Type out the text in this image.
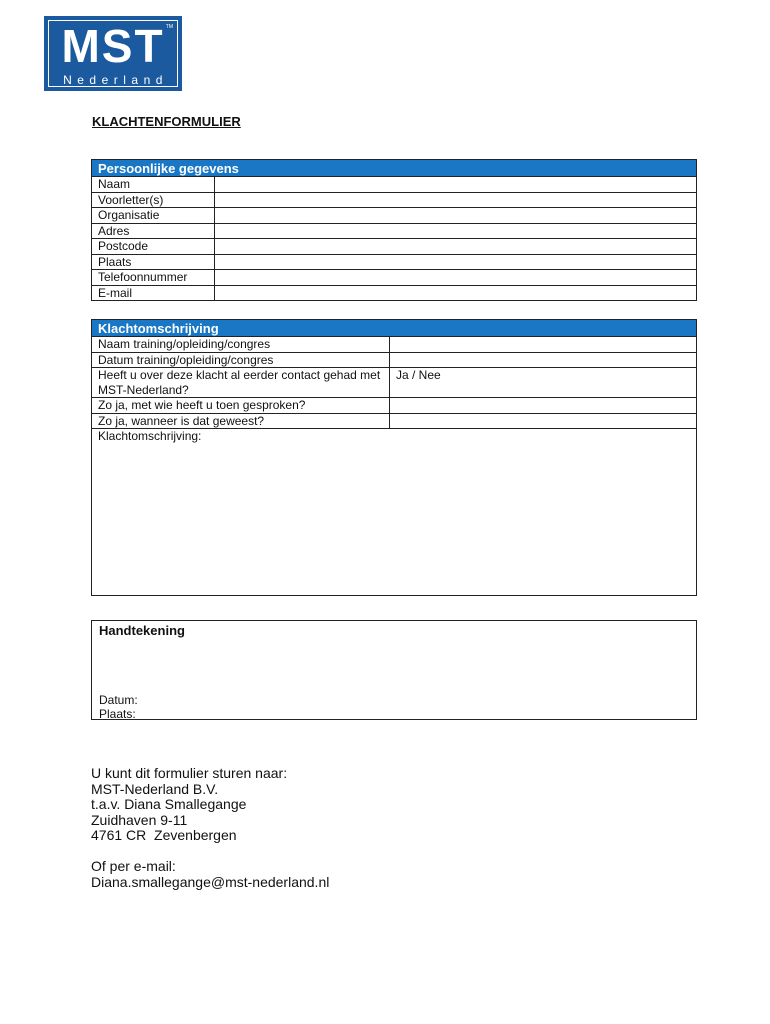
MST TM
Nederland
KLACHTENFORMULIER
Persoonlijke gegevens	
Naam	
Voorletter(s)	
Organisatie	
Adres	
Postcode	
Plaats	
Telefoonnummer	
E-mail	
Klachtomschrijving	
Naam training/opleiding/congres	
Datum training/opleiding/congres	
Heeft u over deze klacht al eerder contact gehad met MST-Nederland?	Ja / Nee
Zo ja, met wie heeft u toen gesproken?	
Zo ja, wanneer is dat geweest?	
Klachtomschrijving:	
Handtekening
Datum:
Plaats:
U kunt dit formulier sturen naar:
MST-Nederland B.V.
t.a.v. Diana Smallegange
Zuidhaven 9-11
4761 CR  Zevenbergen
Of per e-mail:
Diana.smallegange@mst-nederland.nl
